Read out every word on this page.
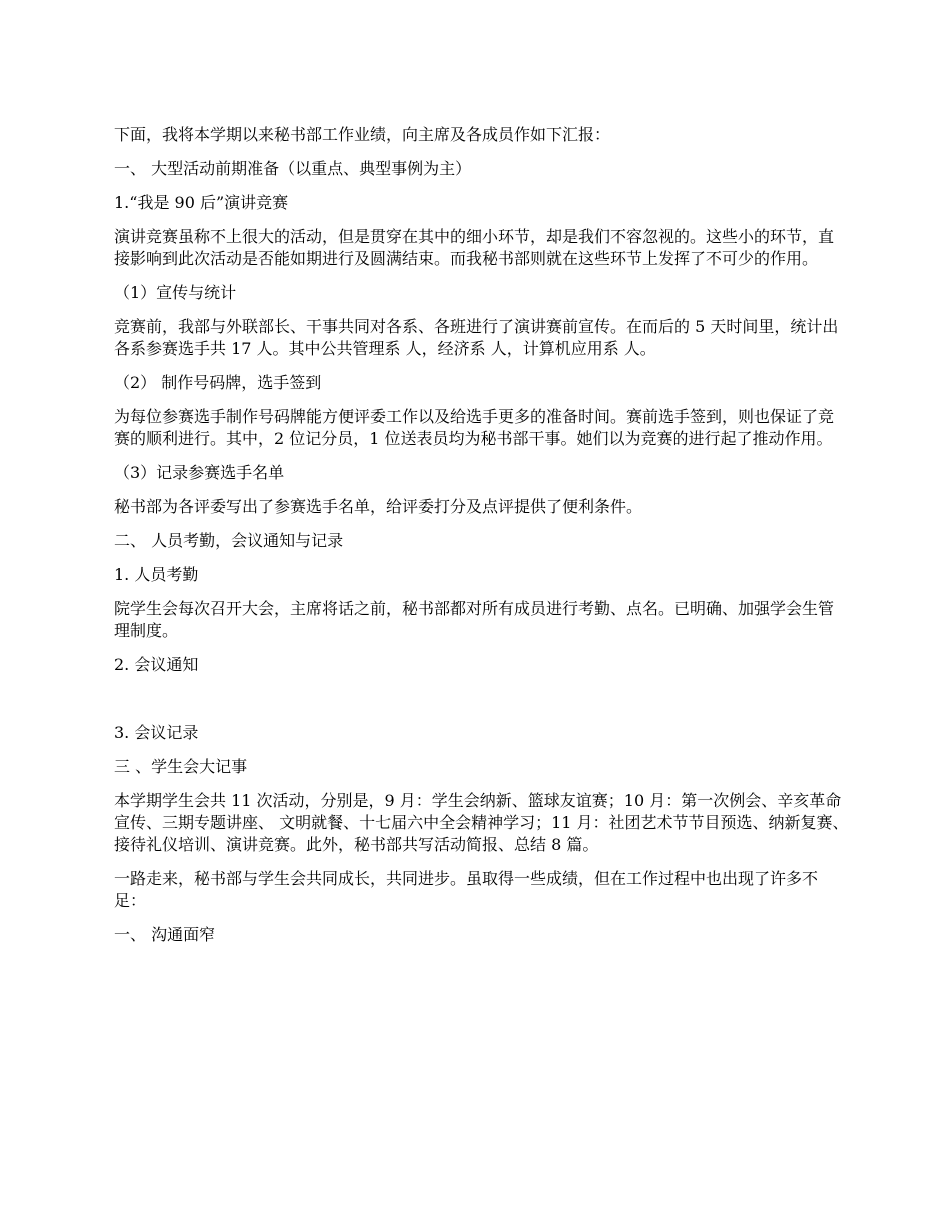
下面，我将本学期以来秘书部工作业绩，向主席及各成员作如下汇报：

一、 大型活动前期准备（以重点、典型事例为主）

1.“我是 90 后”演讲竞赛

演讲竞赛虽称不上很大的活动，但是贯穿在其中的细小环节，却是我们不容忽视的。这些小的环节，直接影响到此次活动是否能如期进行及圆满结束。而我秘书部则就在这些环节上发挥了不可少的作用。

（1）宣传与统计

竞赛前，我部与外联部长、干事共同对各系、各班进行了演讲赛前宣传。在而后的 5 天时间里，统计出各系参赛选手共 17 人。其中公共管理系 人，经济系 人，计算机应用系 人。

（2） 制作号码牌，选手签到

为每位参赛选手制作号码牌能方便评委工作以及给选手更多的准备时间。赛前选手签到，则也保证了竞赛的顺利进行。其中，2 位记分员，1 位送表员均为秘书部干事。她们以为竞赛的进行起了推动作用。

（3）记录参赛选手名单

秘书部为各评委写出了参赛选手名单，给评委打分及点评提供了便利条件。

二、 人员考勤，会议通知与记录

1. 人员考勤

院学生会每次召开大会，主席将话之前，秘书部都对所有成员进行考勤、点名。已明确、加强学会生管理制度。

2. 会议通知

3. 会议记录

三 、学生会大记事

本学期学生会共 11 次活动，分别是，9 月：学生会纳新、篮球友谊赛；10 月：第一次例会、辛亥革命宣传、三期专题讲座、 文明就餐、十七届六中全会精神学习；11 月：社团艺术节节目预选、纳新复赛、接待礼仪培训、演讲竞赛。此外，秘书部共写活动简报、总结 8 篇。

一路走来，秘书部与学生会共同成长，共同进步。虽取得一些成绩，但在工作过程中也出现了许多不足：

一、 沟通面窄
